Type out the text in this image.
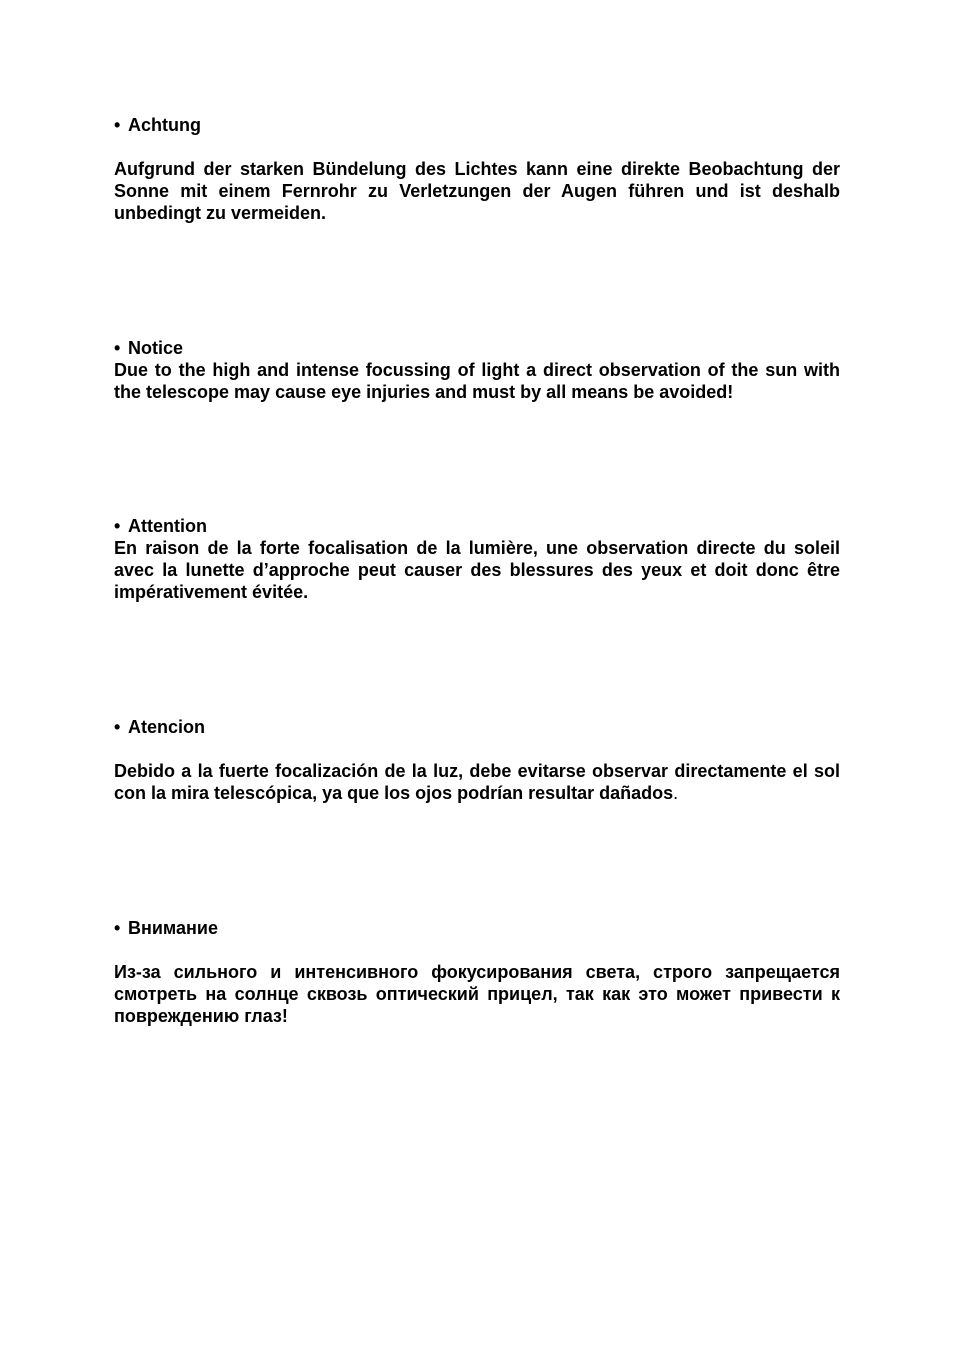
• Achtung
Aufgrund der starken Bündelung des Lichtes kann eine direkte Beobachtung der Sonne mit einem Fernrohr zu Verletzungen der Augen führen und ist deshalb unbedingt zu vermeiden.
• Notice
Due to the high and intense focussing of light a direct observation of the sun with the telescope may cause eye injuries and must by all means be avoided!
• Attention
En raison de la forte focalisation de la lumière, une observation directe du soleil avec la lunette d’approche peut causer des blessures des yeux et doit donc être impérativement évitée.
• Atencion
Debido a la fuerte focalización de la luz, debe evitarse observar directamente el sol con la mira telescópica, ya que los ojos podrían resultar dañados.
• Внимание
Из-за сильного и интенсивного фокусирования света, строго запрещается смотреть на солнце сквозь оптический прицел, так как это может привести к повреждению глаз!
